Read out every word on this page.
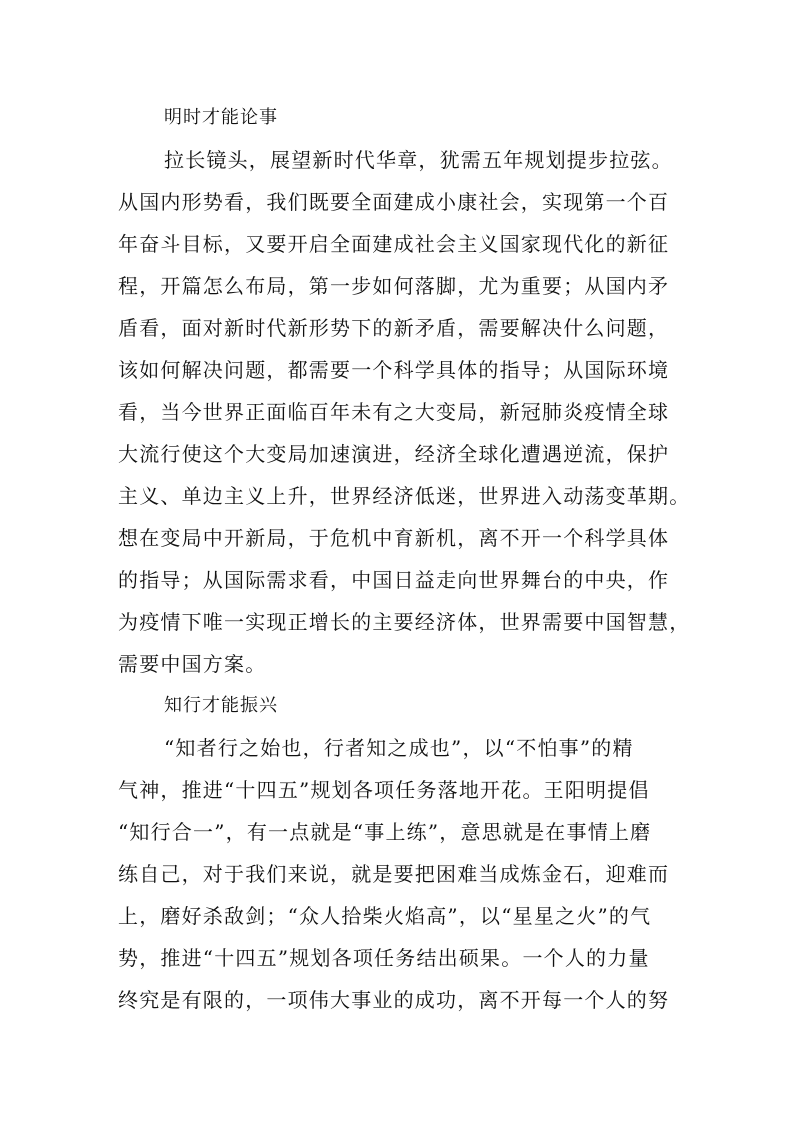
明时才能论事
拉长镜头，展望新时代华章，犹需五年规划提步拉弦。
从国内形势看，我们既要全面建成小康社会，实现第一个百
年奋斗目标，又要开启全面建成社会主义国家现代化的新征
程，开篇怎么布局，第一步如何落脚，尤为重要；从国内矛
盾看，面对新时代新形势下的新矛盾，需要解决什么问题，
该如何解决问题，都需要一个科学具体的指导；从国际环境
看，当今世界正面临百年未有之大变局，新冠肺炎疫情全球
大流行使这个大变局加速演进，经济全球化遭遇逆流，保护
主义、单边主义上升，世界经济低迷，世界进入动荡变革期。
想在变局中开新局，于危机中育新机，离不开一个科学具体
的指导；从国际需求看，中国日益走向世界舞台的中央，作
为疫情下唯一实现正增长的主要经济体，世界需要中国智慧，
需要中国方案。
知行才能振兴
“知者行之始也，行者知之成也”，以“不怕事”的精
气神，推进“十四五”规划各项任务落地开花。王阳明提倡
“知行合一”，有一点就是“事上练”，意思就是在事情上磨
练自己，对于我们来说，就是要把困难当成炼金石，迎难而
上，磨好杀敌剑；“众人拾柴火焰高”，以“星星之火”的气
势，推进“十四五”规划各项任务结出硕果。一个人的力量
终究是有限的，一项伟大事业的成功，离不开每一个人的努
